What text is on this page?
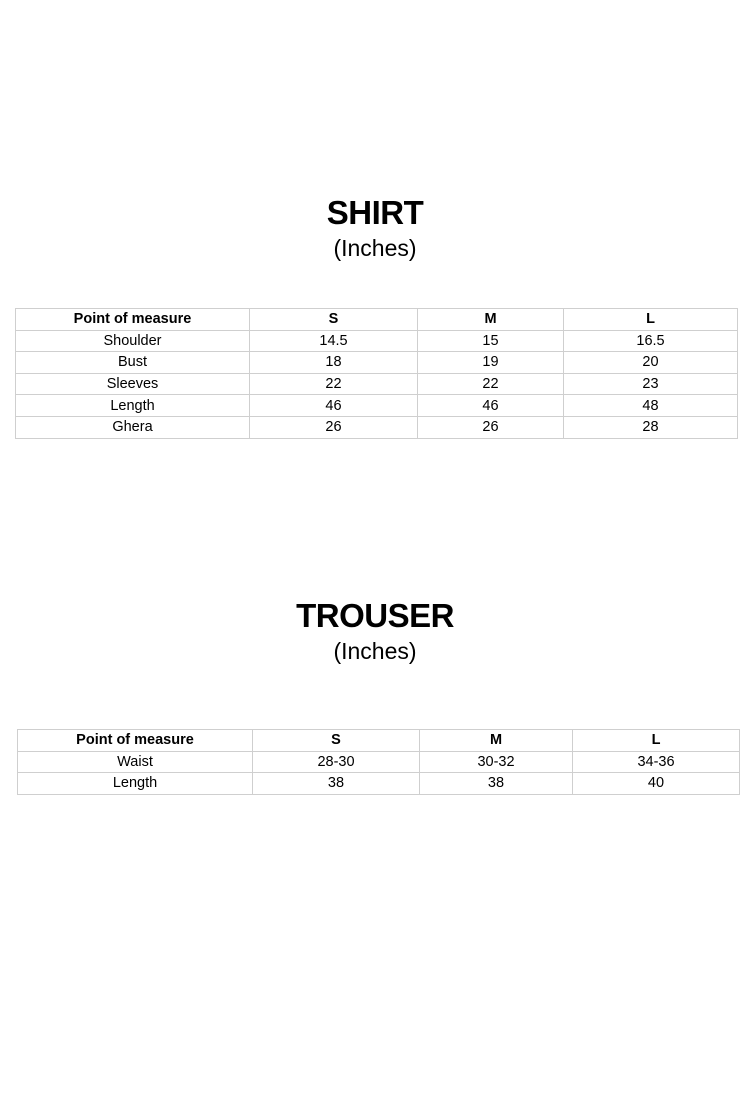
SHIRT

(Inches)

Point of measure	S	M	L
Shoulder	14.5	15	16.5
Bust	18	19	20
Sleeves	22	22	23
Length	46	46	48
Ghera	26	26	28
TROUSER

(Inches)

Point of measure	S	M	L
Waist	28-30	30-32	34-36
Length	38	38	40
